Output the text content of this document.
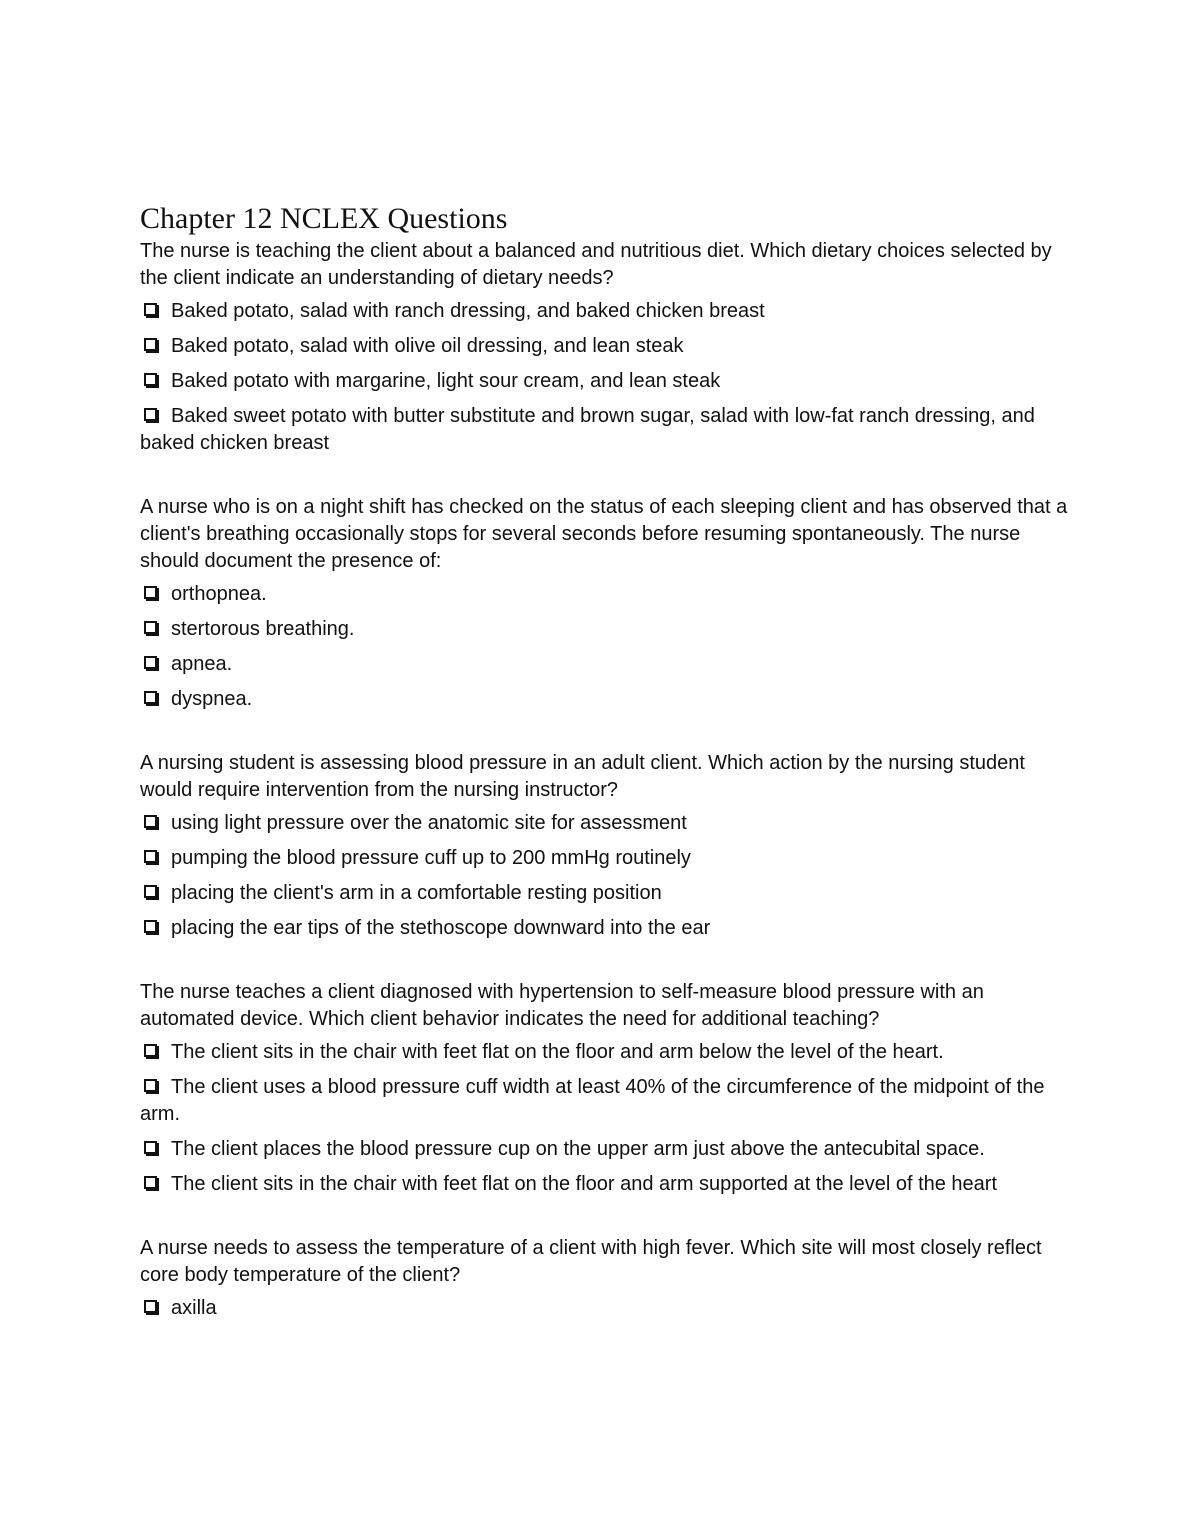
Chapter 12 NCLEX Questions

The nurse is teaching the client about a balanced and nutritious diet. Which dietary choices selected by the client indicate an understanding of dietary needs?

Baked potato, salad with ranch dressing, and baked chicken breast
Baked potato, salad with olive oil dressing, and lean steak
Baked potato with margarine, light sour cream, and lean steak
Baked sweet potato with butter substitute and brown sugar, salad with low-fat ranch dressing, and baked chicken breast

A nurse who is on a night shift has checked on the status of each sleeping client and has observed that a client's breathing occasionally stops for several seconds before resuming spontaneously. The nurse should document the presence of:

orthopnea.
stertorous breathing.
apnea.
dyspnea.

A nursing student is assessing blood pressure in an adult client. Which action by the nursing student would require intervention from the nursing instructor?

using light pressure over the anatomic site for assessment
pumping the blood pressure cuff up to 200 mmHg routinely
placing the client's arm in a comfortable resting position
placing the ear tips of the stethoscope downward into the ear

The nurse teaches a client diagnosed with hypertension to self-measure blood pressure with an automated device. Which client behavior indicates the need for additional teaching?

The client sits in the chair with feet flat on the floor and arm below the level of the heart.
The client uses a blood pressure cuff width at least 40% of the circumference of the midpoint of the arm.
The client places the blood pressure cup on the upper arm just above the antecubital space.
The client sits in the chair with feet flat on the floor and arm supported at the level of the heart

A nurse needs to assess the temperature of a client with high fever. Which site will most closely reflect core body temperature of the client?

axilla
